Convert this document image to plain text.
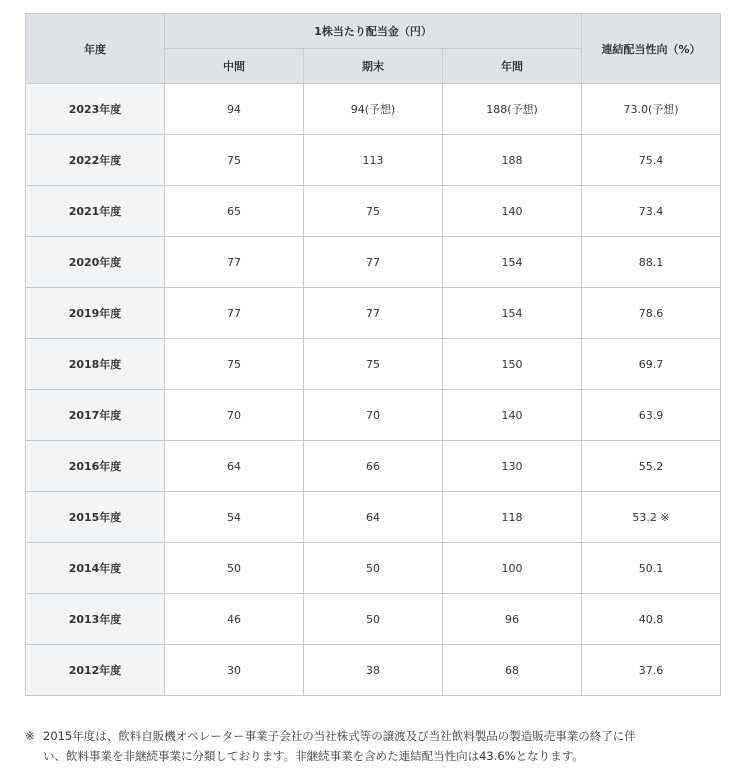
年度	1株当たり配当金（円）			連結配当性向（%）
	中間	期末	年間	
2023年度	94	94(予想)	188(予想)	73.0(予想)
2022年度	75	113	188	75.4
2021年度	65	75	140	73.4
2020年度	77	77	154	88.1
2019年度	77	77	154	78.6
2018年度	75	75	150	69.7
2017年度	70	70	140	63.9
2016年度	64	66	130	55.2
2015年度	54	64	118	53.2 ※
2014年度	50	50	100	50.1
2013年度	46	50	96	40.8
2012年度	30	38	68	37.6
※ 2015年度は、飲料自販機オペレーター事業子会社の当社株式等の譲渡及び当社飲料製品の製造販売事業の終了に伴
い、飲料事業を非継続事業に分類しております。非継続事業を含めた連結配当性向は43.6%となります。
